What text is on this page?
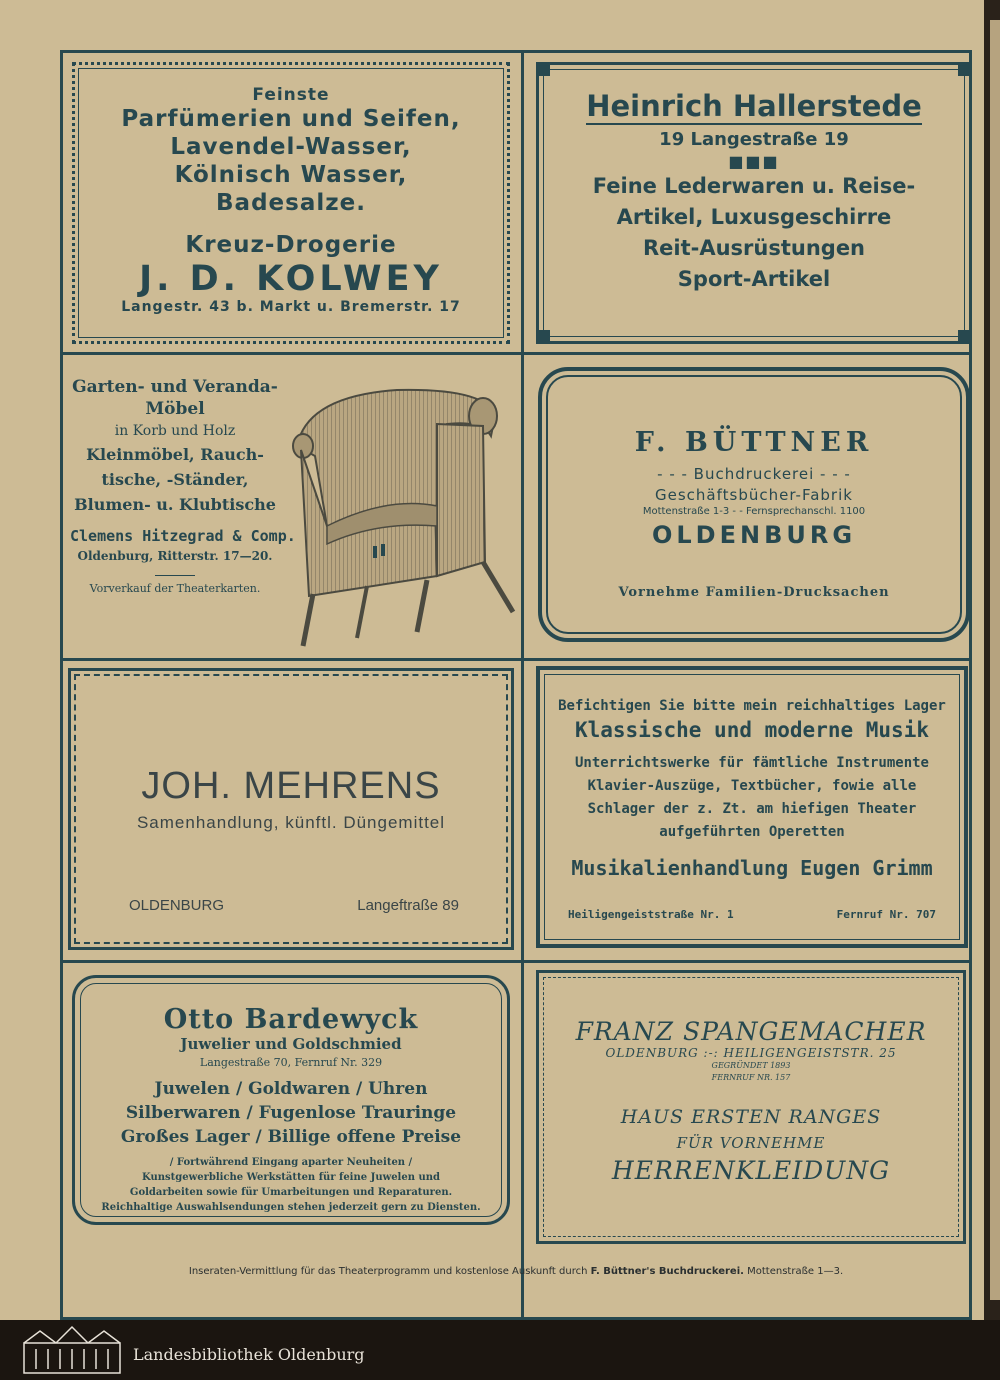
Feinste
Parfümerien und Seifen,
Lavendel-Wasser,
Kölnisch Wasser,
Badesalze.
Kreuz-Drogerie
J. D. KOLWEY
Langestr. 43 b. Markt u. Bremerstr. 17
Heinrich Hallerstede
19 Langestraße 19
■■■
Feine Lederwaren u. Reise-
Artikel, Luxusgeschirre
Reit-Ausrüstungen
Sport-Artikel
Garten- und Veranda-
Möbel
in Korb und Holz
Kleinmöbel, Rauch-
tische, -Ständer,
Blumen- u. Klubtische
Clemens Hitzegrad & Comp.
Oldenburg, Ritterstr. 17—20.
Vorverkauf der Theaterkarten.
F. BÜTTNER
- - - Buchdruckerei - - -
Geschäftsbücher-Fabrik
Mottenstraße 1-3 - - Fernsprechanschl. 1100
OLDENBURG
Vornehme Familien-Drucksachen
JOH. MEHRENS
Samenhandlung, künftl. Düngemittel
OLDENBURG	Langeftraße 89
Befichtigen Sie bitte mein reichhaltiges Lager
Klassische und moderne Musik
Unterrichtswerke für fämtliche Instrumente
Klavier-Auszüge, Textbücher, fowie alle
Schlager der z. Zt. am hiefigen Theater
aufgeführten Operetten
Musikalienhandlung Eugen Grimm
Heiligengeiststraße Nr. 1	Fernruf Nr. 707
Otto Bardewyck
Juwelier und Goldschmied
Langestraße 70, Fernruf Nr. 329
Juwelen / Goldwaren / Uhren
Silberwaren / Fugenlose Trauringe
Großes Lager / Billige offene Preise
/ Fortwährend Eingang aparter Neuheiten /
Kunstgewerbliche Werkstätten für feine Juwelen und
Goldarbeiten sowie für Umarbeitungen und Reparaturen.
Reichhaltige Auswahlsendungen stehen jederzeit gern zu Diensten.
FRANZ SPANGEMACHER
OLDENBURG :-: HEILIGENGEISTSTR. 25
GEGRÜNDET 1893
FERNRUF NR. 157
HAUS ERSTEN RANGES
FÜR VORNEHME
HERRENKLEIDUNG
Inseraten-Vermittlung für das Theaterprogramm und kostenlose Auskunft durch F. Büttner's Buchdruckerei. Mottenstraße 1—3.
Landesbibliothek Oldenburg
